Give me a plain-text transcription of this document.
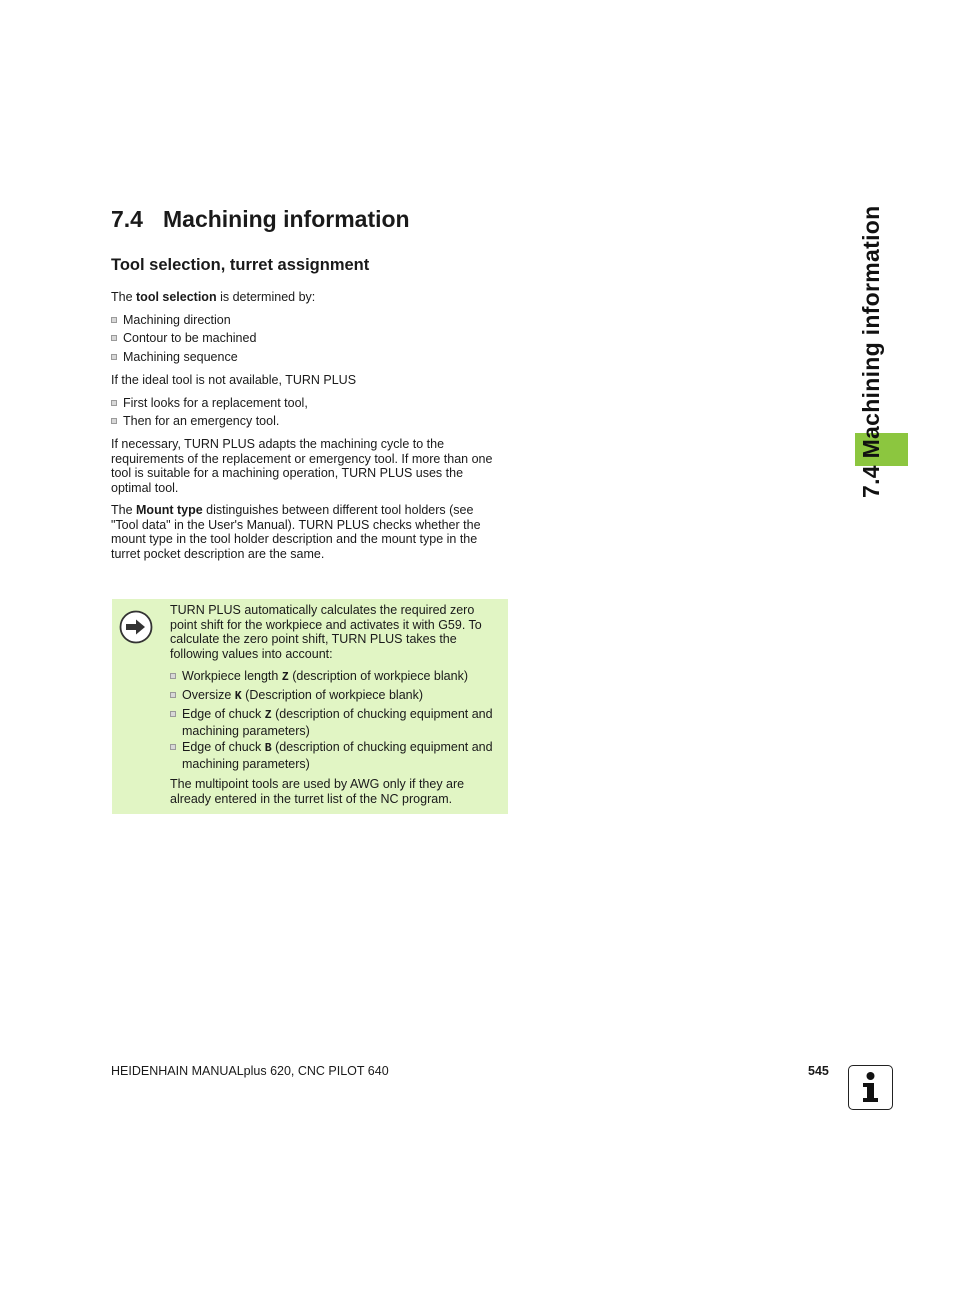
7.4 Machining information
Tool selection, turret assignment

The tool selection is determined by:

Machining direction
Contour to be machined
Machining sequence

If the ideal tool is not available, TURN PLUS

First looks for a replacement tool,
Then for an emergency tool.
If necessary, TURN PLUS adapts the machining cycle to the
requirements of the replacement or emergency tool. If more than one
tool is suitable for a machining operation, TURN PLUS uses the
optimal tool.
The Mount type distinguishes between different tool holders (see
"Tool data" in the User's Manual). TURN PLUS checks whether the
mount type in the tool holder description and the mount type in the
turret pocket description are the same.
TURN PLUS automatically calculates the required zero
point shift for the workpiece and activates it with G59. To
calculate the zero point shift, TURN PLUS takes the
following values into account:
Workpiece length Z (description of workpiece blank)
Oversize K (Description of workpiece blank)
Edge of chuck Z (description of chucking equipment and
machining parameters)
Edge of chuck B (description of chucking equipment and
machining parameters)
The multipoint tools are used by AWG only if they are
already entered in the turret list of the NC program.
7.4 Machining information
HEIDENHAIN MANUALplus 620, CNC PILOT 640	545
